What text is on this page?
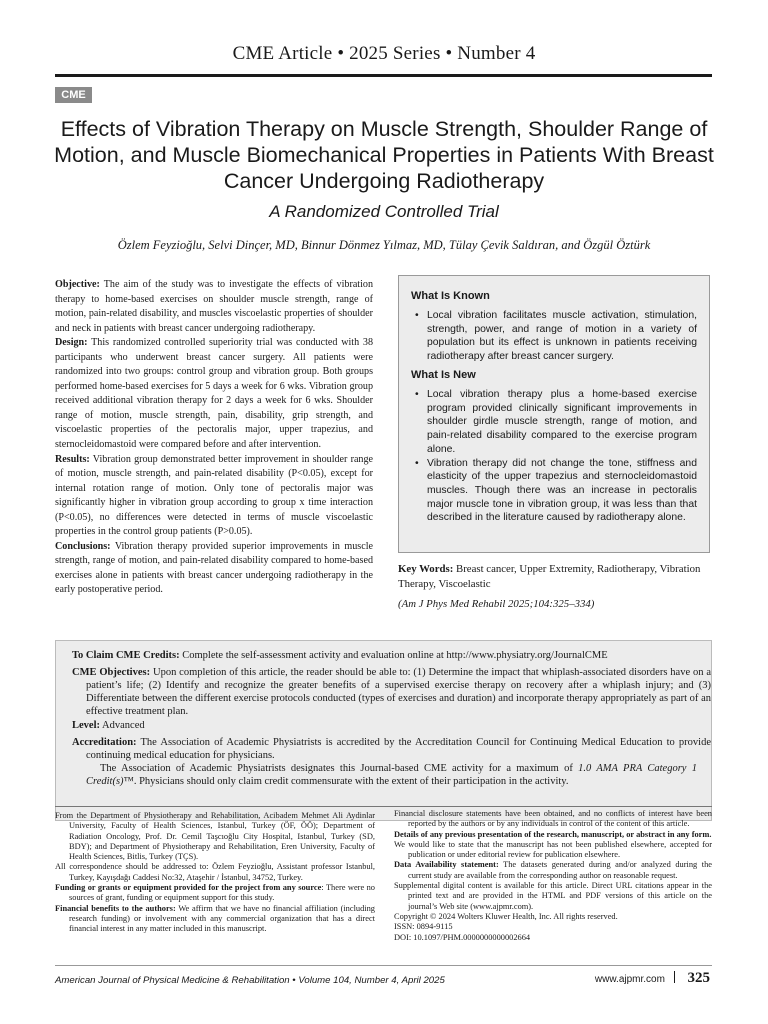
CME Article • 2025 Series • Number 4
CME
Effects of Vibration Therapy on Muscle Strength, Shoulder Range of Motion, and Muscle Biomechanical Properties in Patients With Breast Cancer Undergoing Radiotherapy
A Randomized Controlled Trial
Özlem Feyzioğlu, Selvi Dinçer, MD, Binnur Dönmez Yılmaz, MD, Tülay Çevik Saldıran, and Özgül Öztürk

Objective: The aim of the study was to investigate the effects of vibration therapy to home-based exercises on shoulder muscle strength, range of motion, pain-related disability, and muscles viscoelastic properties of shoulder and neck in patients with breast cancer undergoing radiotherapy.

Design: This randomized controlled superiority trial was conducted with 38 participants who underwent breast cancer surgery. All patients were randomized into two groups: control group and vibration group. Both groups performed home-based exercises for 5 days a week for 6 wks. Vibration group received additional vibration therapy for 2 days a week for 6 wks. Shoulder range of motion, muscle strength, pain, disability, grip strength, and viscoelastic properties of the pectoralis major, upper trapezius, and sternocleidomastoid were compared before and after intervention.

Results: Vibration group demonstrated better improvement in shoulder range of motion, muscle strength, and pain-related disability (P<0.05), except for internal rotation range of motion. Only tone of pectoralis major was significantly higher in vibration group according to group x time interaction (P<0.05), no differences were detected in terms of muscle viscoelastic properties in the control group patients (P>0.05).

Conclusions: Vibration therapy provided superior improvements in muscle strength, range of motion, and pain-related disability compared to home-based exercises alone in patients with breast cancer undergoing radiotherapy in the early postoperative period.

What Is Known
• Local vibration facilitates muscle activation, stimulation, strength, power, and range of motion in a variety of population but its effect is unknown in patients receiving radiotherapy after breast cancer surgery.
What Is New
• Local vibration therapy plus a home-based exercise program provided clinically significant improvements in shoulder girdle muscle strength, range of motion, and pain-related disability compared to the exercise program alone.
• Vibration therapy did not change the tone, stiffness and elasticity of the upper trapezius and sternocleidomastoid muscles. Though there was an increase in pectoralis major muscle tone in vibration group, it was less than that described in the literature caused by radiotherapy alone.
Key Words: Breast cancer, Upper Extremity, Radiotherapy, Vibration Therapy, Viscoelastic
(Am J Phys Med Rehabil 2025;104:325–334)

To Claim CME Credits: Complete the self-assessment activity and evaluation online at http://www.physiatry.org/JournalCME

CME Objectives: Upon completion of this article, the reader should be able to: (1) Determine the impact that whiplash-associated disorders have on a patient’s life; (2) Identify and recognize the greater benefits of a supervised exercise therapy on recovery after a whiplash injury; and (3) Differentiate between the different exercise protocols conducted (types of exercises and duration) and incorporate therapy appropriately as part of an effective treatment plan.

Level: Advanced

Accreditation: The Association of Academic Physiatrists is accredited by the Accreditation Council for Continuing Medical Education to provide continuing medical education for physicians.

The Association of Academic Physiatrists designates this Journal-based CME activity for a maximum of 1.0 AMA PRA Category 1 Credit(s)™. Physicians should only claim credit commensurate with the extent of their participation in the activity.

From the Department of Physiotherapy and Rehabilitation, Acibadem Mehmet Ali Aydinlar University, Faculty of Health Sciences, Istanbul, Turkey (ÖF, ÖÖ); Department of Radiation Oncology, Prof. Dr. Cemil Taşcıoğlu City Hospital, Istanbul, Turkey (SD, BDY); and Department of Physiotherapy and Rehabilitation, Eren University, Faculty of Health Sciences, Bitlis, Turkey (TÇS).

All correspondence should be addressed to: Özlem Feyzioğlu, Assistant professor Istanbul, Turkey, Kayışdağı Caddesi No:32, Ataşehir / İstanbul, 34752, Turkey.

Funding or grants or equipment provided for the project from any source: There were no sources of grant, funding or equipment support for this study.

Financial benefits to the authors: We affirm that we have no financial affiliation (including research funding) or involvement with any commercial organization that has a direct financial interest in any matter included in this manuscript.

Financial disclosure statements have been obtained, and no conflicts of interest have been reported by the authors or by any individuals in control of the content of this article.

Details of any previous presentation of the research, manuscript, or abstract in any form.

We would like to state that the manuscript has not been published elsewhere, accepted for publication or under editorial review for publication elsewhere.

Data Availability statement: The datasets generated during and/or analyzed during the current study are available from the corresponding author on reasonable request.

Supplemental digital content is available for this article. Direct URL citations appear in the printed text and are provided in the HTML and PDF versions of this article on the journal’s Web site (www.ajpmr.com).

Copyright © 2024 Wolters Kluwer Health, Inc. All rights reserved.

ISSN: 0894-9115

DOI: 10.1097/PHM.0000000000002664

American Journal of Physical Medicine & Rehabilitation • Volume 104, Number 4, April 2025	www.ajpmr.com 325
